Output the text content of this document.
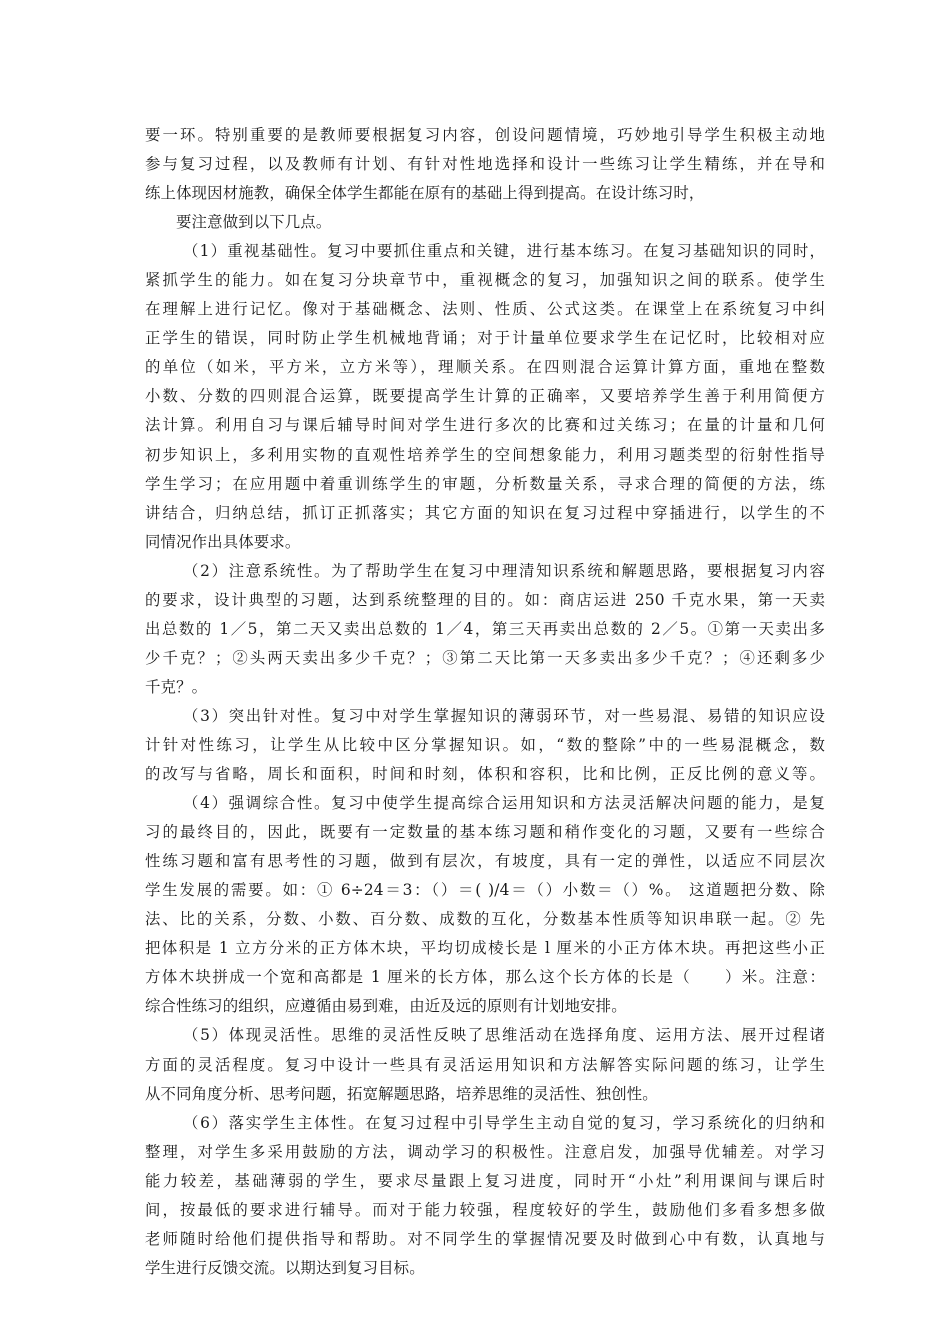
要一环。特别重要的是教师要根据复习内容，创设问题情境，巧妙地引导学生积极主动地
参与复习过程，以及教师有计划、有针对性地选择和设计一些练习让学生精练，并在导和
练上体现因材施教，确保全体学生都能在原有的基础上得到提高。在设计练习时，
要注意做到以下几点。
（1）重视基础性。复习中要抓住重点和关键，进行基本练习。在复习基础知识的同时，
紧抓学生的能力。如在复习分块章节中，重视概念的复习，加强知识之间的联系。使学生
在理解上进行记忆。像对于基础概念、法则、性质、公式这类。在课堂上在系统复习中纠
正学生的错误，同时防止学生机械地背诵；对于计量单位要求学生在记忆时，比较相对应
的单位（如米，平方米，立方米等），理顺关系。在四则混合运算计算方面，重地在整数
小数、分数的四则混合运算，既要提高学生计算的正确率，又要培养学生善于利用简便方
法计算。利用自习与课后辅导时间对学生进行多次的比赛和过关练习；在量的计量和几何
初步知识上，多利用实物的直观性培养学生的空间想象能力，利用习题类型的衍射性指导
学生学习；在应用题中着重训练学生的审题，分析数量关系，寻求合理的简便的方法，练
讲结合，归纳总结，抓订正抓落实；其它方面的知识在复习过程中穿插进行，以学生的不
同情况作出具体要求。
（2）注意系统性。为了帮助学生在复习中理清知识系统和解题思路，要根据复习内容
的要求，设计典型的习题，达到系统整理的目的。如：商店运进 250 千克水果，第一天卖
出总数的 1／5，第二天又卖出总数的 1／4，第三天再卖出总数的 2／5。①第一天卖出多
少千克？；②头两天卖出多少千克？；③第二天比第一天多卖出多少千克？；④还剩多少
千克？。
（3）突出针对性。复习中对学生掌握知识的薄弱环节，对一些易混、易错的知识应设
计针对性练习，让学生从比较中区分掌握知识。如，“数的整除”中的一些易混概念，数
的改写与省略，周长和面积，时间和时刻，体积和容积，比和比例，正反比例的意义等。
（4）强调综合性。复习中使学生提高综合运用知识和方法灵活解决问题的能力，是复
习的最终目的，因此，既要有一定数量的基本练习题和稍作变化的习题，又要有一些综合
性练习题和富有思考性的习题，做到有层次，有坡度，具有一定的弹性，以适应不同层次
学生发展的需要。如：① 6÷24＝3：（）＝( )/4＝（）小数＝（）%。 这道题把分数、除
法、比的关系，分数、小数、百分数、成数的互化，分数基本性质等知识串联一起。② 先
把体积是 1 立方分米的正方体木块，平均切成棱长是 l 厘米的小正方体木块。再把这些小正
方体木块拼成一个宽和高都是 1 厘米的长方体，那么这个长方体的长是（　　）米。注意：
综合性练习的组织，应遵循由易到难，由近及远的原则有计划地安排。
（5）体现灵活性。思维的灵活性反映了思维活动在选择角度、运用方法、展开过程诸
方面的灵活程度。复习中设计一些具有灵活运用知识和方法解答实际问题的练习，让学生
从不同角度分析、思考问题，拓宽解题思路，培养思维的灵活性、独创性。
（6）落实学生主体性。在复习过程中引导学生主动自觉的复习，学习系统化的归纳和
整理，对学生多采用鼓励的方法，调动学习的积极性。注意启发，加强导优辅差。对学习
能力较差，基础薄弱的学生，要求尽量跟上复习进度，同时开“小灶”利用课间与课后时
间，按最低的要求进行辅导。而对于能力较强，程度较好的学生，鼓励他们多看多想多做
老师随时给他们提供指导和帮助。对不同学生的掌握情况要及时做到心中有数，认真地与
学生进行反馈交流。以期达到复习目标。
